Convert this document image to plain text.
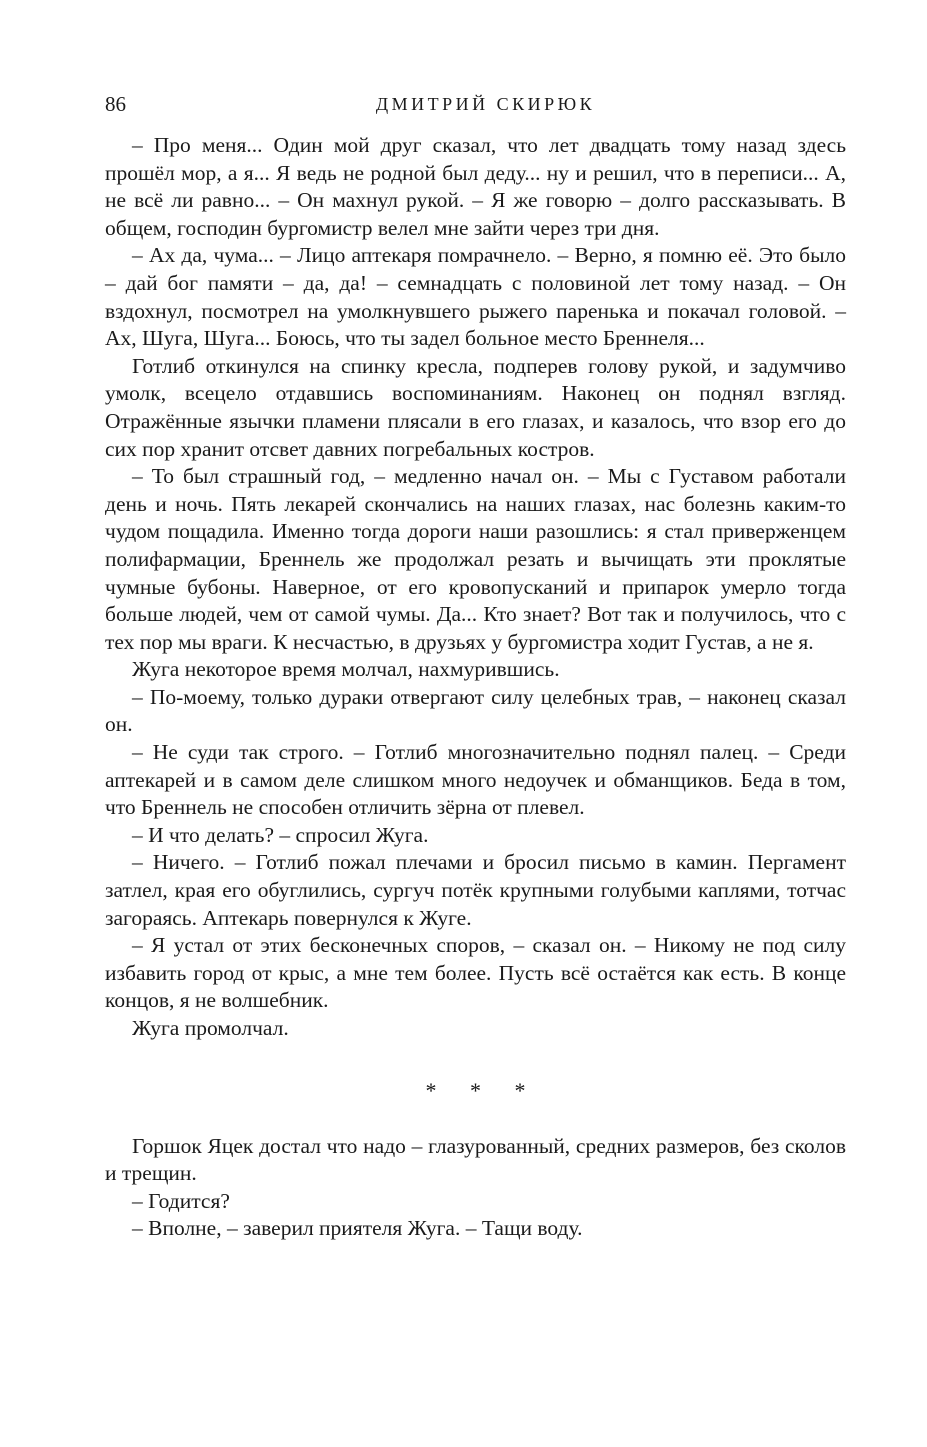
86	ДМИТРИЙ СКИРЮК

– Про меня... Один мой друг сказал, что лет двадцать тому назад здесь прошёл мор, а я... Я ведь не родной был деду... ну и решил, что в переписи... А, не всё ли равно... – Он махнул рукой. – Я же говорю – долго рассказывать. В общем, господин бургомистр велел мне зайти через три дня.

– Ах да, чума... – Лицо аптекаря помрачнело. – Верно, я помню её. Это было – дай бог памяти – да, да! – семнадцать с половиной лет тому назад. – Он вздохнул, посмотрел на умолкнувшего рыжего паренька и покачал головой. – Ах, Шуга, Шуга... Боюсь, что ты задел больное место Бреннеля...

Готлиб откинулся на спинку кресла, подперев голову рукой, и задумчиво умолк, всецело отдавшись воспоминаниям. Наконец он поднял взгляд. Отражённые язычки пламени плясали в его глазах, и казалось, что взор его до сих пор хранит отсвет давних погребальных костров.

– То был страшный год, – медленно начал он. – Мы с Густавом работали день и ночь. Пять лекарей скончались на наших глазах, нас болезнь каким-то чудом пощадила. Именно тогда дороги наши разошлись: я стал приверженцем полифармации, Бреннель же продолжал резать и вычищать эти проклятые чумные бубоны. Наверное, от его кровопусканий и припарок умерло тогда больше людей, чем от самой чумы. Да... Кто знает? Вот так и получилось, что с тех пор мы враги. К несчастью, в друзьях у бургомистра ходит Густав, а не я.

Жуга некоторое время молчал, нахмурившись.

– По-моему, только дураки отвергают силу целебных трав, – наконец сказал он.

– Не суди так строго. – Готлиб многозначительно поднял палец. – Среди аптекарей и в самом деле слишком много недоучек и обманщиков. Беда в том, что Бреннель не способен отличить зёрна от плевел.

– И что делать? – спросил Жуга.

– Ничего. – Готлиб пожал плечами и бросил письмо в камин. Пергамент затлел, края его обуглились, сургуч потёк крупными голубыми каплями, тотчас загораясь. Аптекарь повернулся к Жуге.

– Я устал от этих бесконечных споров, – сказал он. – Никому не под силу избавить город от крыс, а мне тем более. Пусть всё остаётся как есть. В конце концов, я не волшебник.

Жуга промолчал.

* * *

Горшок Яцек достал что надо – глазурованный, средних размеров, без сколов и трещин.

– Годится?

– Вполне, – заверил приятеля Жуга. – Тащи воду.
